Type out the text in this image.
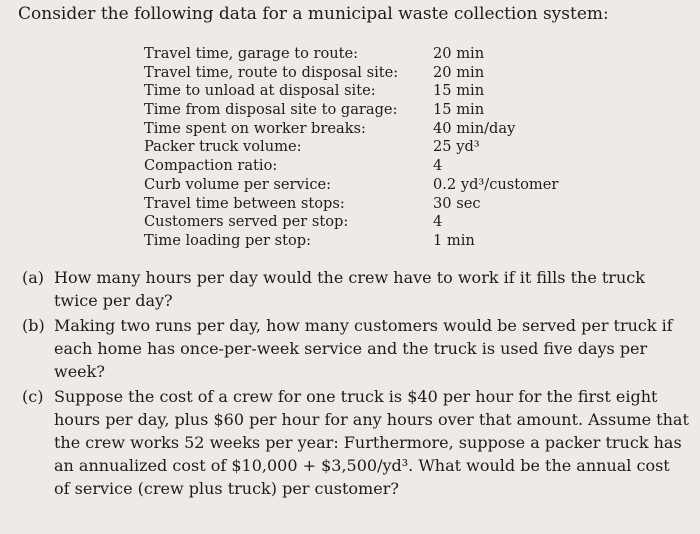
Consider the following data for a municipal waste collection system:
Travel time, garage to route:	20 min
Travel time, route to disposal site: 20 min
Time to unload at disposal site:	15 min
Time from disposal site to garage: 15 min
Time spent on worker breaks:	40 min/day
Packer truck volume:	25 yd³
Compaction ratio:	4
Curb volume per service:	0.2 yd³/customer
Travel time between stops:	30 sec
Customers served per stop:	4
Time loading per stop:	1 min
(a) How many hours per day would the crew have to work if it fills the truck twice per day?
(b) Making two runs per day, how many customers would be served per truck if each home has once-per-week service and the truck is used five days per week?
(c) Suppose the cost of a crew for one truck is $40 per hour for the first eight hours per day, plus $60 per hour for any hours over that amount. Assume that the crew works 52 weeks per year: Furthermore, suppose a packer truck has an annualized cost of $10,000 + $3,500/yd³. What would be the annual cost of service (crew plus truck) per customer?
